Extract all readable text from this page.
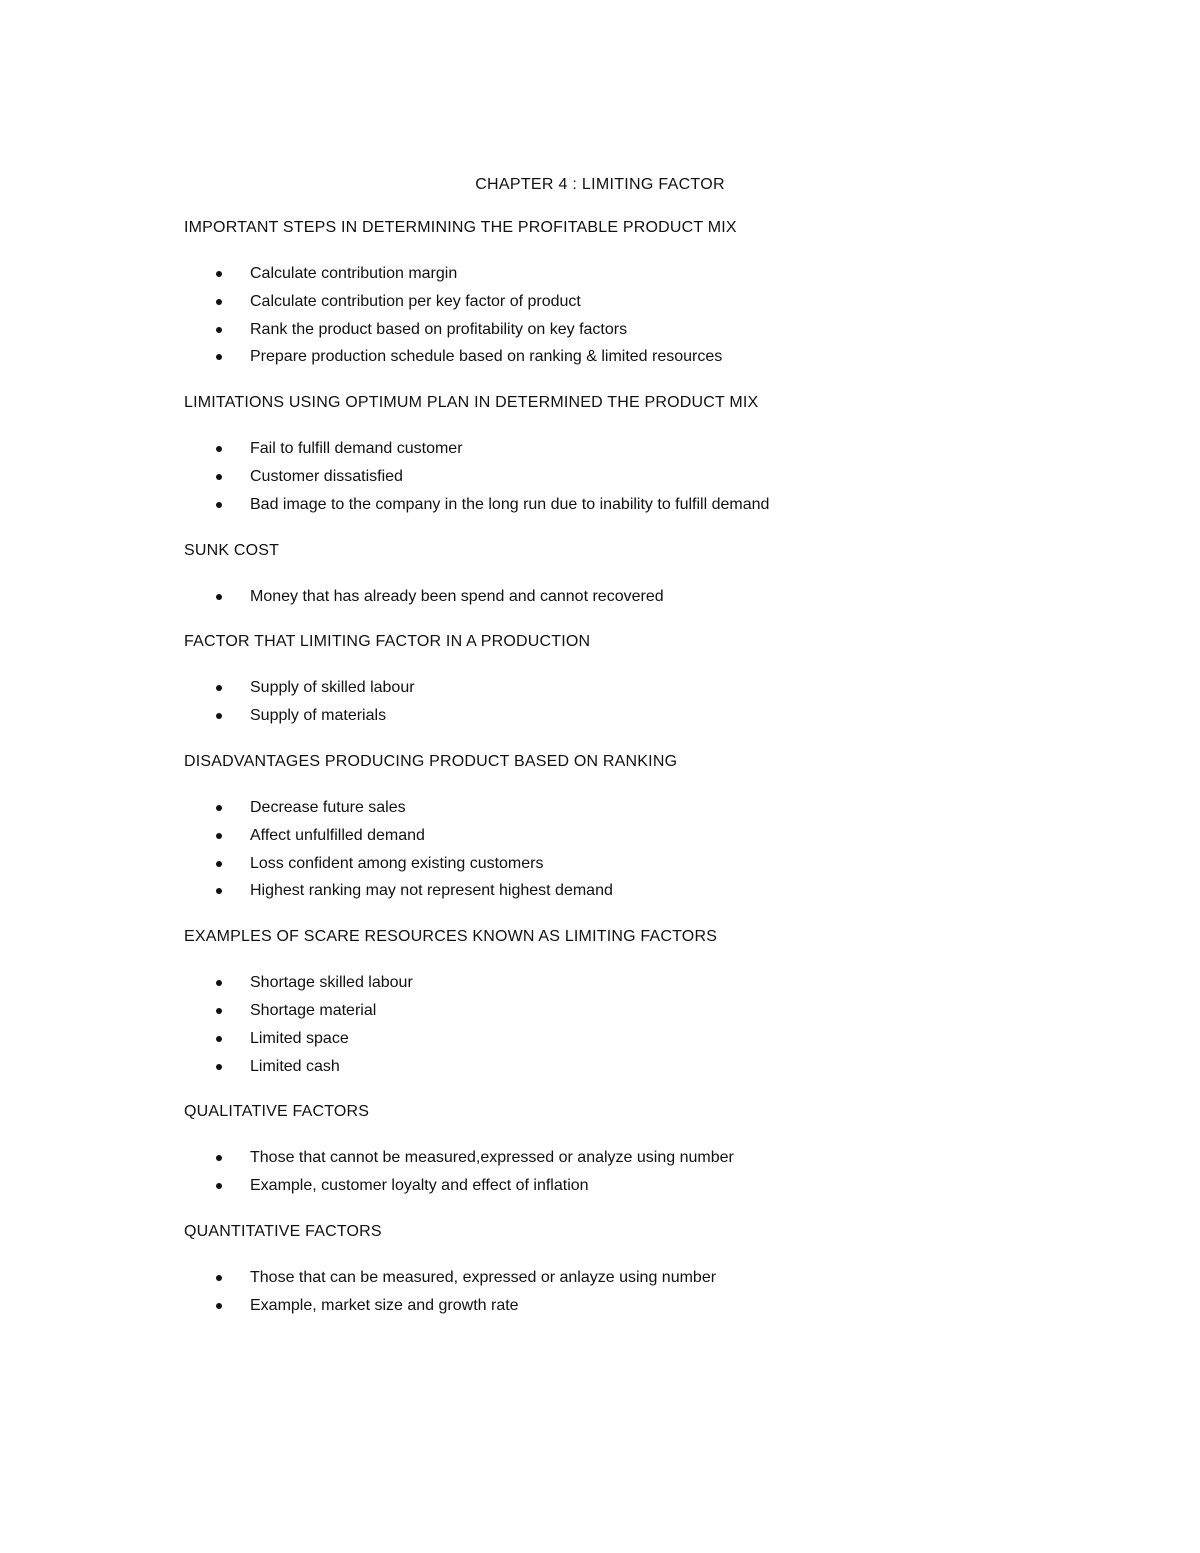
CHAPTER 4 : LIMITING FACTOR
IMPORTANT STEPS IN DETERMINING THE PROFITABLE PRODUCT MIX
Calculate contribution margin
Calculate contribution per key factor of product
Rank the product based on profitability on key factors
Prepare production schedule based on ranking & limited resources
LIMITATIONS USING OPTIMUM PLAN IN DETERMINED THE PRODUCT MIX
Fail to fulfill demand customer
Customer dissatisfied
Bad image to the company in the long run due to inability to fulfill demand
SUNK COST
Money that has already been spend and cannot recovered
FACTOR THAT LIMITING FACTOR IN A PRODUCTION
Supply of skilled labour
Supply of materials
DISADVANTAGES PRODUCING PRODUCT BASED ON RANKING
Decrease future sales
Affect unfulfilled demand
Loss confident among existing customers
Highest ranking may not represent highest demand
EXAMPLES OF SCARE RESOURCES KNOWN AS LIMITING FACTORS
Shortage skilled labour
Shortage material
Limited space
Limited cash
QUALITATIVE FACTORS
Those that cannot be measured,expressed or analyze using number
Example, customer loyalty and effect of inflation
QUANTITATIVE FACTORS
Those that can be measured, expressed or anlayze using number
Example, market size and growth rate
